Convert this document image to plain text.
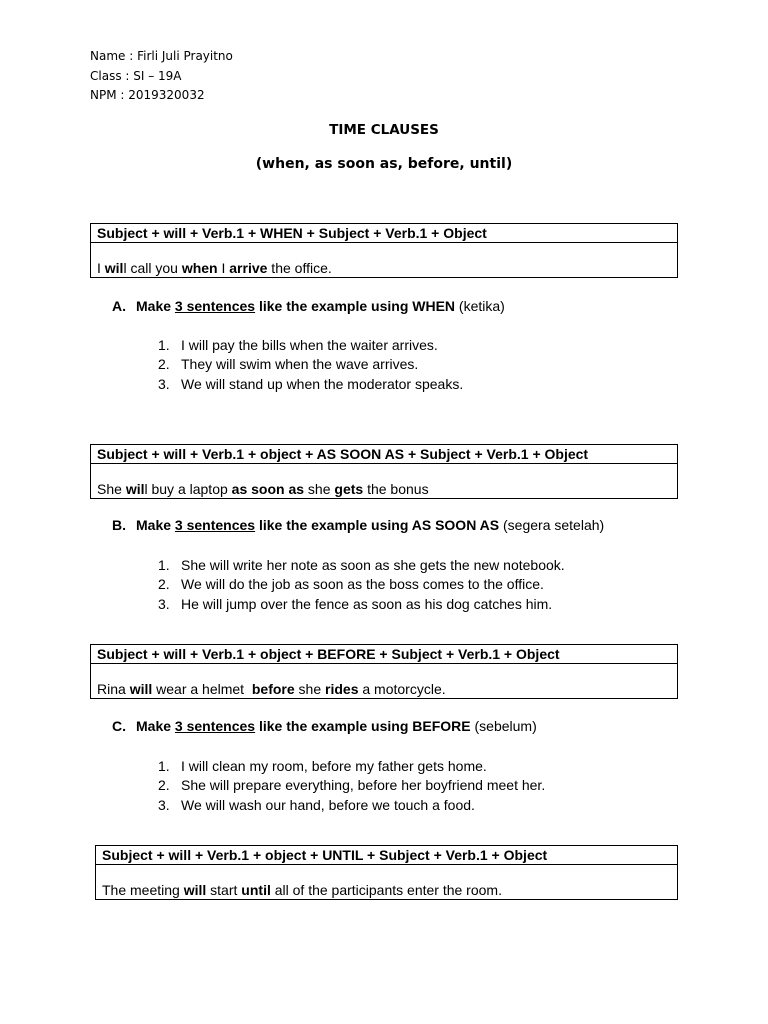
Name : Firli Juli Prayitno
Class : SI – 19A
NPM : 2019320032
TIME CLAUSES
(when, as soon as, before, until)
Subject + will + Verb.1 + WHEN + Subject + Verb.1 + Object
I will call you when I arrive the office.
A. Make 3 sentences like the example using WHEN (ketika)
1. I will pay the bills when the waiter arrives.
2. They will swim when the wave arrives.
3. We will stand up when the moderator speaks.
Subject + will + Verb.1 + object + AS SOON AS + Subject + Verb.1 + Object
She will buy a laptop as soon as she gets the bonus
B. Make 3 sentences like the example using AS SOON AS (segera setelah)
1. She will write her note as soon as she gets the new notebook.
2. We will do the job as soon as the boss comes to the office.
3. He will jump over the fence as soon as his dog catches him.
Subject + will + Verb.1 + object + BEFORE + Subject + Verb.1 + Object
Rina will wear a helmet  before she rides a motorcycle.
C. Make 3 sentences like the example using BEFORE (sebelum)
1. I will clean my room, before my father gets home.
2. She will prepare everything, before her boyfriend meet her.
3. We will wash our hand, before we touch a food.
Subject + will + Verb.1 + object + UNTIL + Subject + Verb.1 + Object
The meeting will start until all of the participants enter the room.
